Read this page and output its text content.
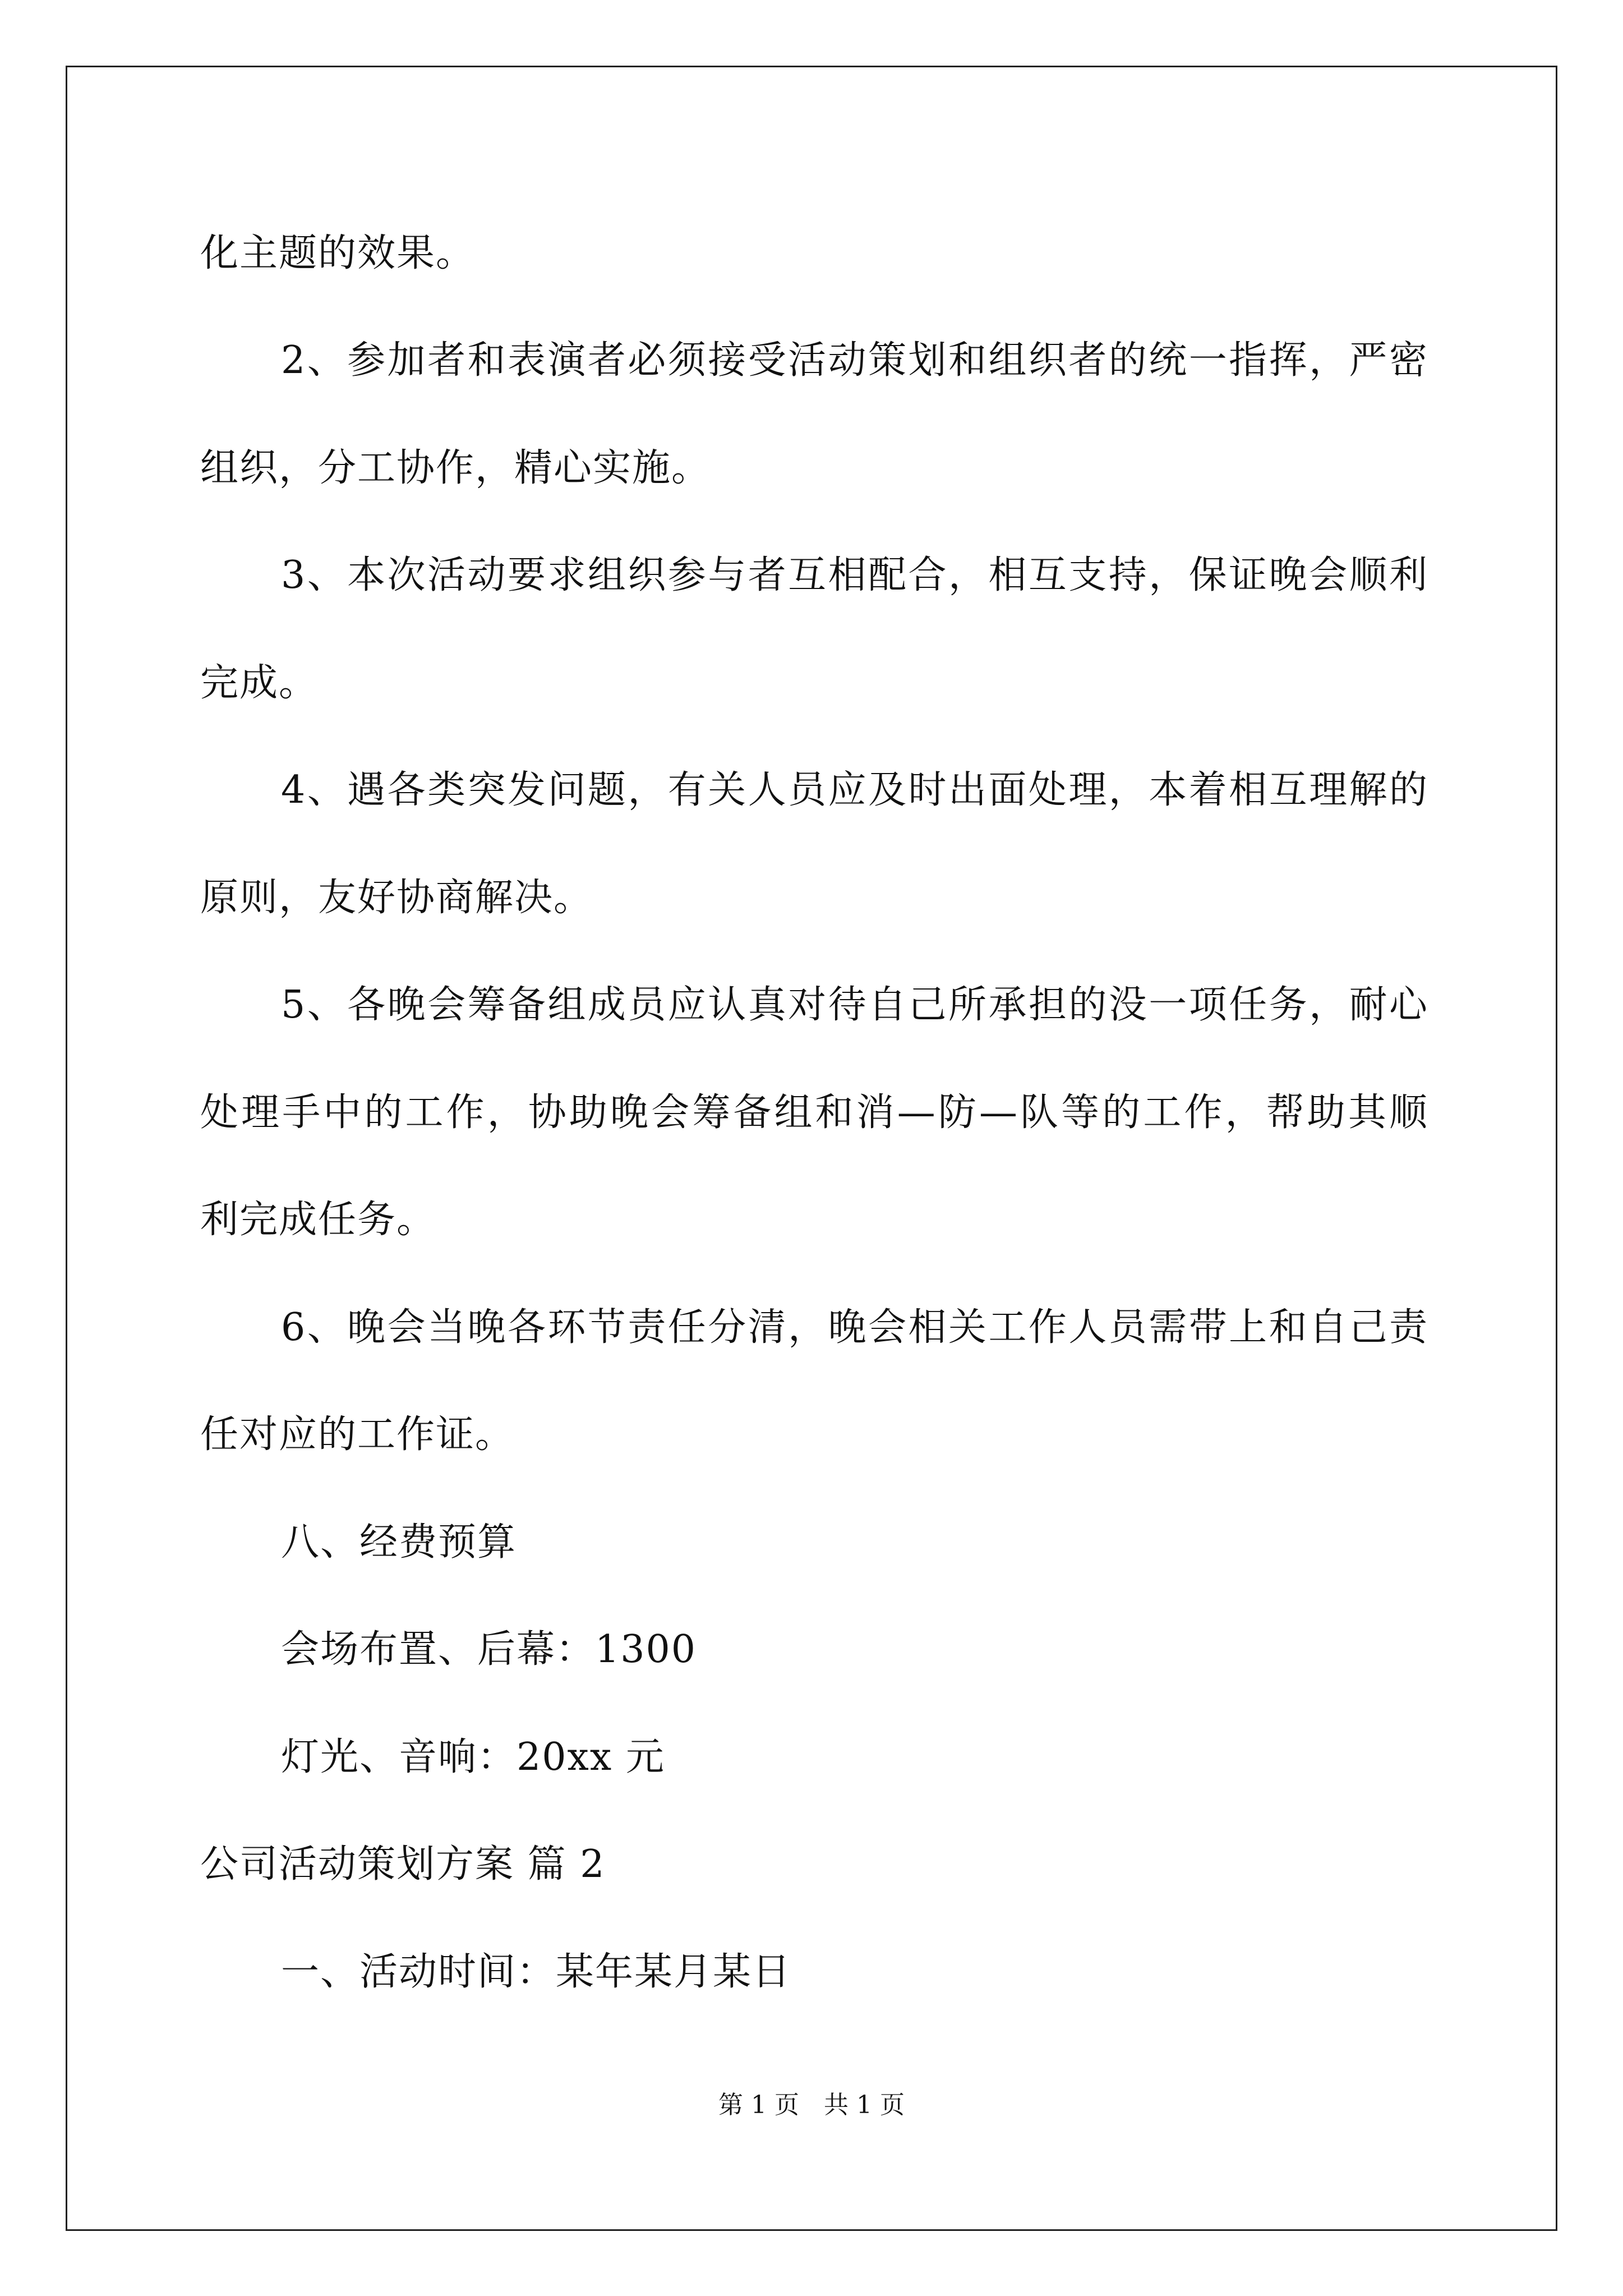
化主题的效果。
2、参加者和表演者必须接受活动策划和组织者的统一指挥，严密
组织，分工协作，精心实施。
3、本次活动要求组织参与者互相配合，相互支持，保证晚会顺利
完成。
4、遇各类突发问题，有关人员应及时出面处理，本着相互理解的
原则，友好协商解决。
5、各晚会筹备组成员应认真对待自己所承担的没一项任务，耐心
处理手中的工作，协助晚会筹备组和消—防—队等的工作，帮助其顺
利完成任务。
6、晚会当晚各环节责任分清，晚会相关工作人员需带上和自己责
任对应的工作证。
八、经费预算
会场布置、后幕：1300
灯光、音响：20xx 元
公司活动策划方案 篇 2
一、活动时间：某年某月某日
第 1 页　共 1 页
